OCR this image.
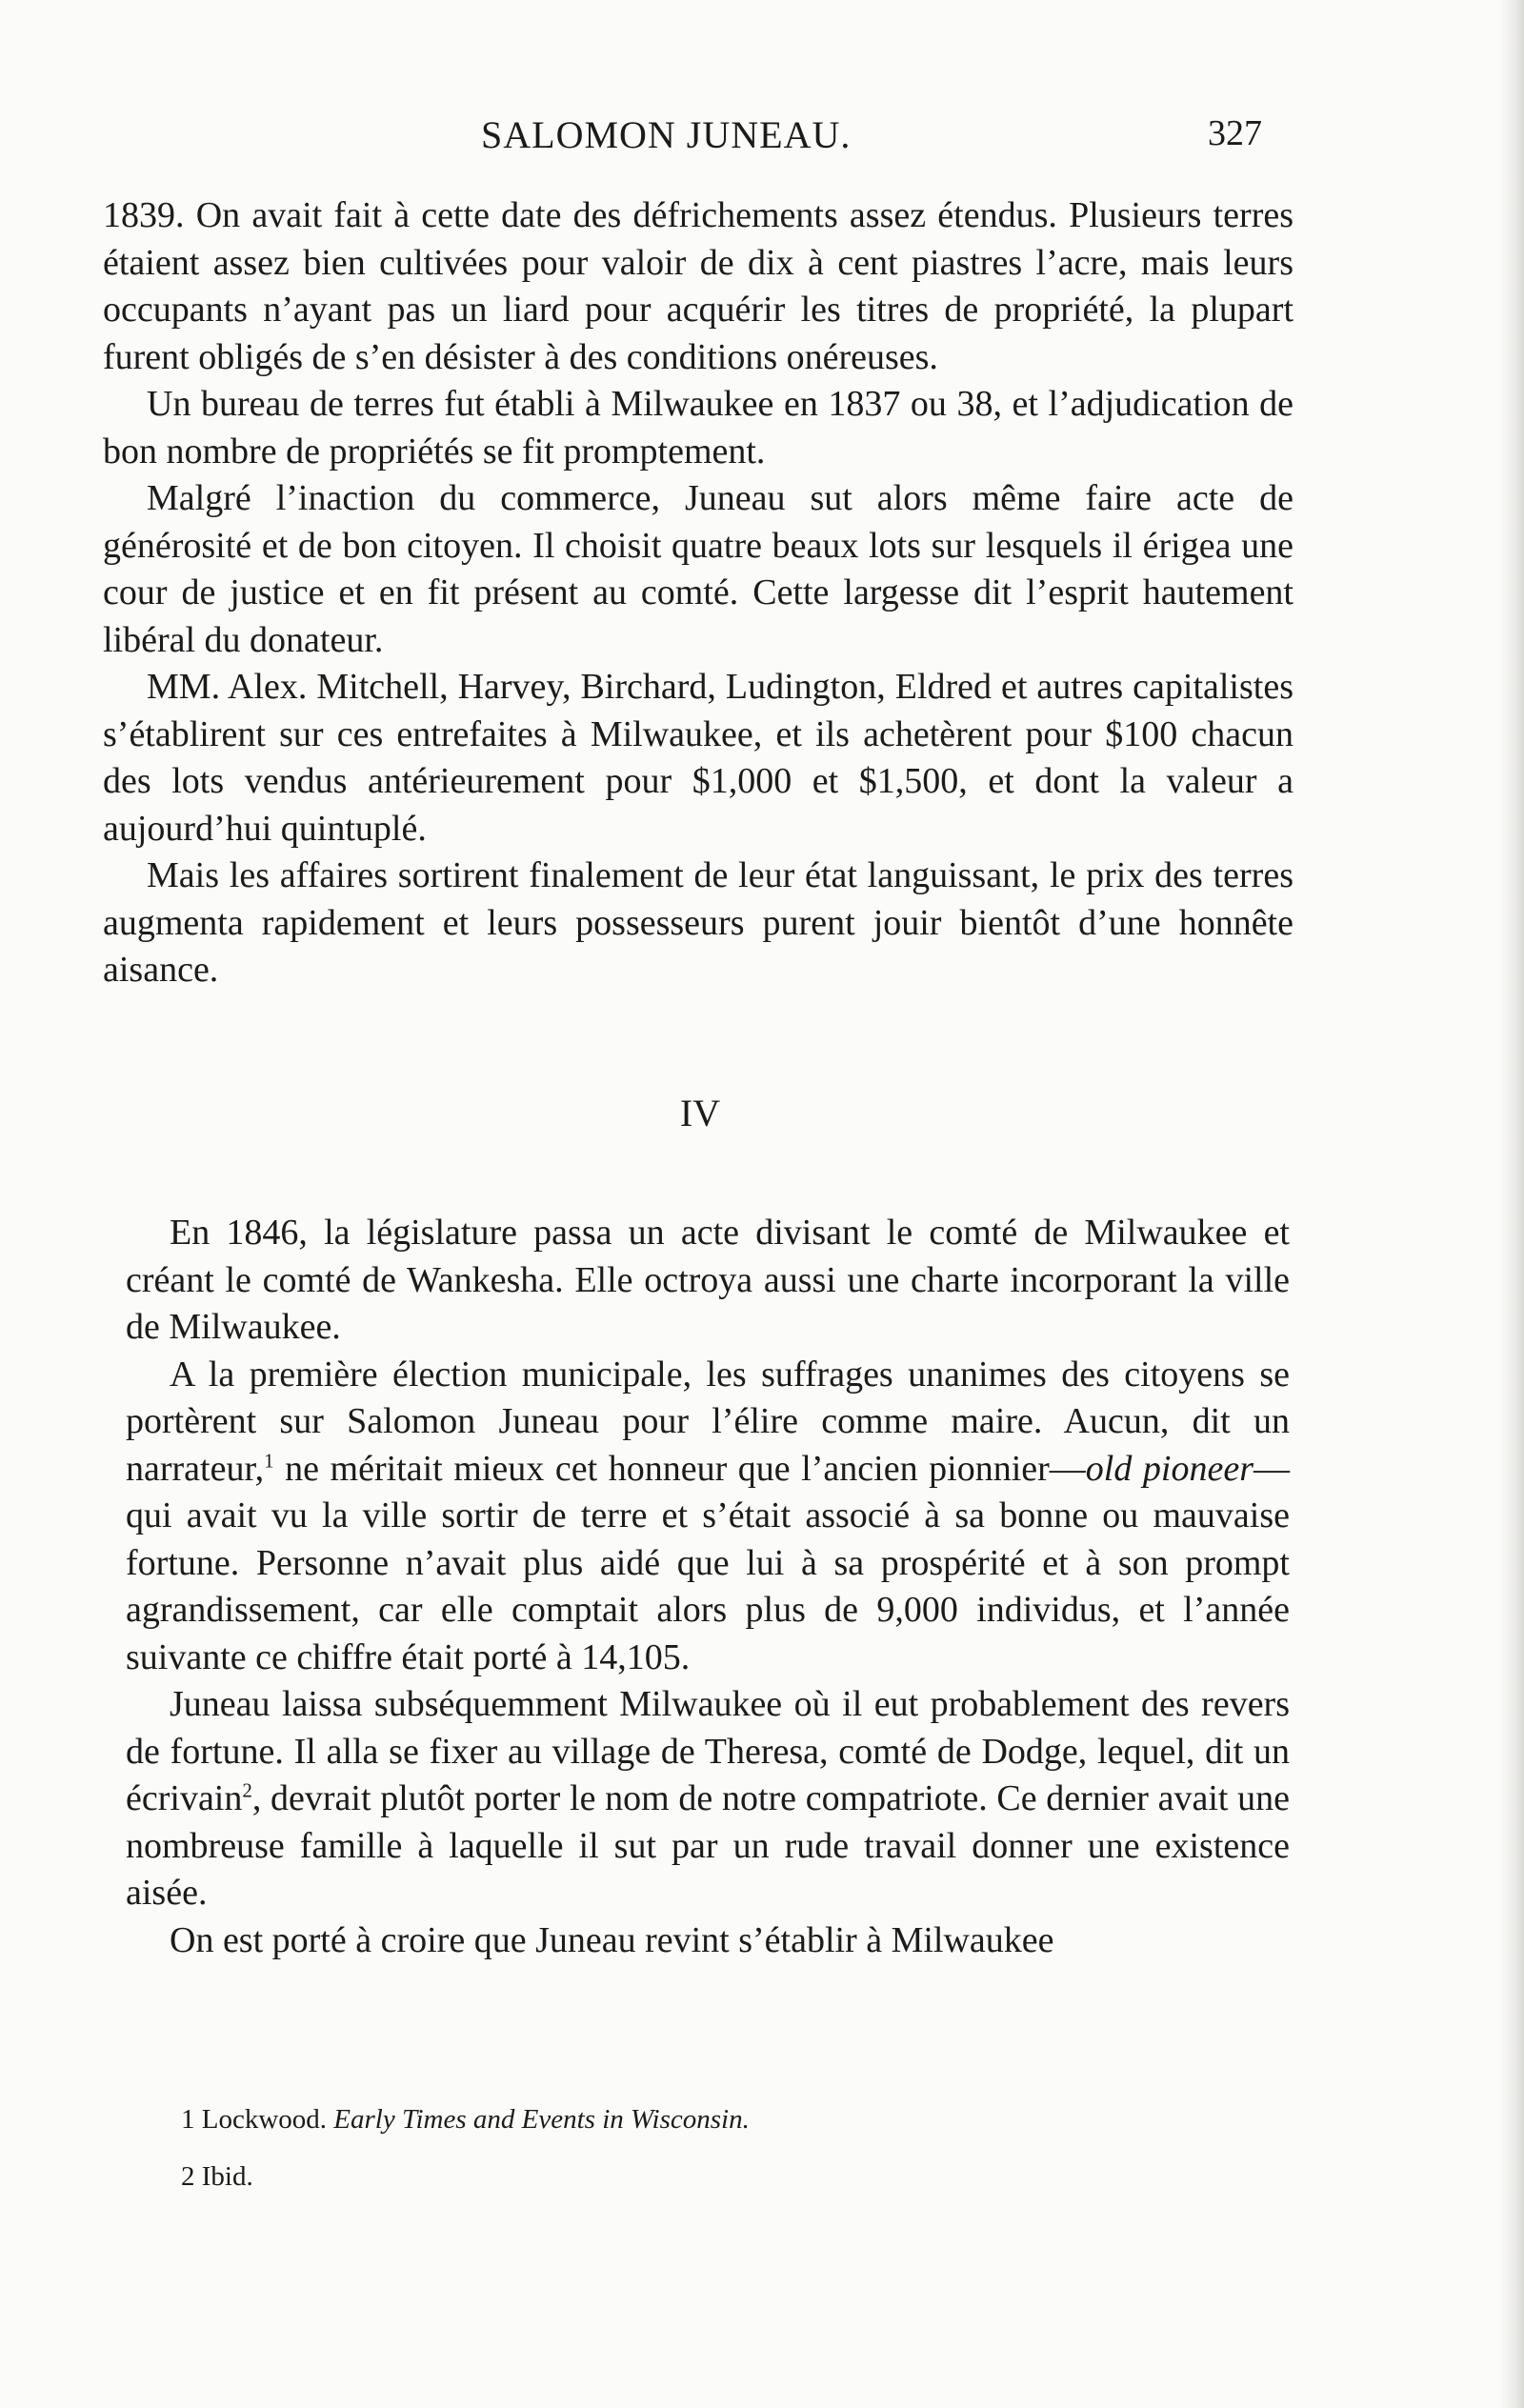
SALOMON JUNEAU.	327

1839. On avait fait à cette date des défrichements assez étendus. Plusieurs terres étaient assez bien cultivées pour valoir de dix à cent piastres l’acre, mais leurs occupants n’ayant pas un liard pour acquérir les titres de propriété, la plupart furent obligés de s’en désister à des conditions onéreuses.

Un bureau de terres fut établi à Milwaukee en 1837 ou 38, et l’adjudication de bon nombre de propriétés se fit promptement.

Malgré l’inaction du commerce, Juneau sut alors même faire acte de générosité et de bon citoyen. Il choisit quatre beaux lots sur lesquels il érigea une cour de justice et en fit présent au comté. Cette largesse dit l’esprit hautement libéral du donateur.

MM. Alex. Mitchell, Harvey, Birchard, Ludington, Eldred et autres capitalistes s’établirent sur ces entrefaites à Milwaukee, et ils achetèrent pour $100 chacun des lots vendus antérieurement pour $1,000 et $1,500, et dont la valeur a aujourd’hui quintuplé.

Mais les affaires sortirent finalement de leur état languissant, le prix des terres augmenta rapidement et leurs possesseurs purent jouir bientôt d’une honnête aisance.

IV

En 1846, la législature passa un acte divisant le comté de Milwaukee et créant le comté de Wankesha. Elle octroya aussi une charte incorporant la ville de Milwaukee.

A la première élection municipale, les suffrages unanimes des citoyens se portèrent sur Salomon Juneau pour l’élire comme maire. Aucun, dit un narrateur,$^1$ ne méritait mieux cet honneur que l’ancien pionnier—old pioneer—qui avait vu la ville sortir de terre et s’était associé à sa bonne ou mauvaise fortune. Personne n’avait plus aidé que lui à sa prospérité et à son prompt agrandissement, car elle comptait alors plus de 9,000 individus, et l’année suivante ce chiffre était porté à 14,105.

Juneau laissa subséquemment Milwaukee où il eut probablement des revers de fortune. Il alla se fixer au village de Theresa, comté de Dodge, lequel, dit un écrivain$^2$, devrait plutôt porter le nom de notre compatriote. Ce dernier avait une nombreuse famille à laquelle il sut par un rude travail donner une existence aisée.

On est porté à croire que Juneau revint s’établir à Milwaukee

1 Lockwood. Early Times and Events in Wisconsin.

2 Ibid.
